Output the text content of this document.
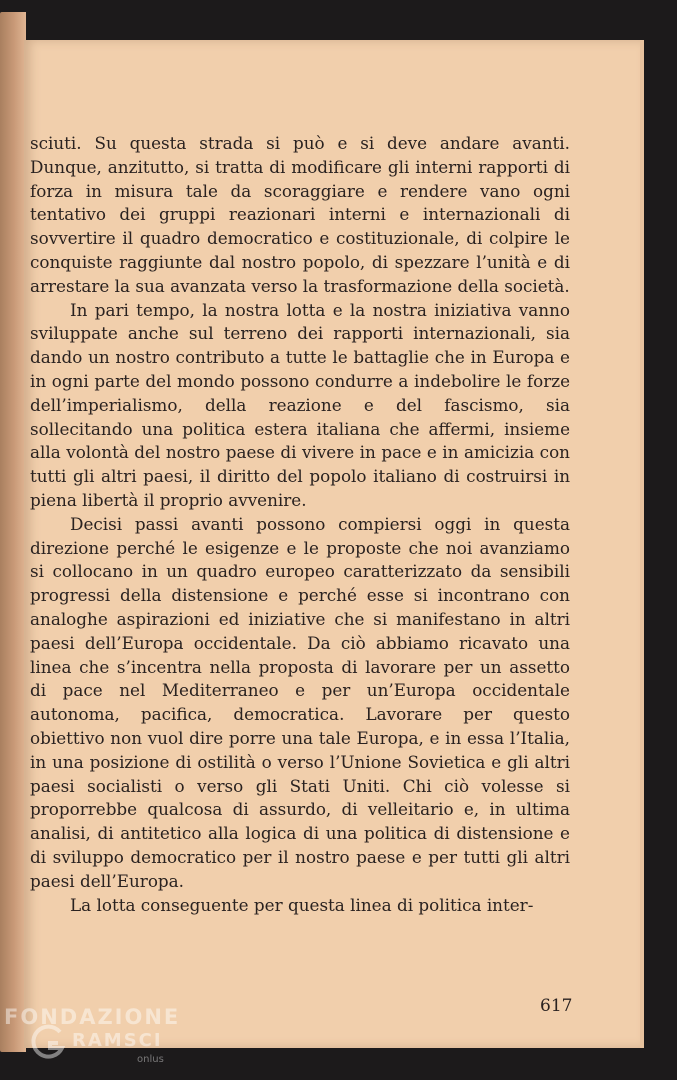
sciuti. Su questa strada si può e si deve andare avanti. Dunque, anzitutto, si tratta di modificare gli interni rapporti di forza in misura tale da scoraggiare e rendere vano ogni tentativo dei gruppi reazionari interni e internazionali di sovvertire il quadro democratico e costituzionale, di colpire le conquiste raggiunte dal nostro popolo, di spezzare l’unità e di arrestare la sua avanzata verso la trasformazione della società.

In pari tempo, la nostra lotta e la nostra iniziativa vanno sviluppate anche sul terreno dei rapporti internazionali, sia dando un nostro contributo a tutte le battaglie che in Europa e in ogni parte del mondo possono condurre a indebolire le forze dell’imperialismo, della reazione e del fascismo, sia sollecitando una politica estera italiana che affermi, insieme alla volontà del nostro paese di vivere in pace e in amicizia con tutti gli altri paesi, il diritto del popolo italiano di costruirsi in piena libertà il proprio avvenire.

Decisi passi avanti possono compiersi oggi in questa direzione perché le esigenze e le proposte che noi avanziamo si collocano in un quadro europeo caratterizzato da sensibili progressi della distensione e perché esse si incontrano con analoghe aspirazioni ed iniziative che si manifestano in altri paesi dell’Europa occidentale. Da ciò abbiamo ricavato una linea che s’incentra nella proposta di lavorare per un assetto di pace nel Mediterraneo e per un’Europa occidentale autonoma, pacifica, democratica. Lavorare per questo obiettivo non vuol dire porre una tale Europa, e in essa l’Italia, in una posizione di ostilità o verso l’Unione Sovietica e gli altri paesi socialisti o verso gli Stati Uniti. Chi ciò volesse si proporrebbe qualcosa di assurdo, di velleitario e, in ultima analisi, di antitetico alla logica di una politica di distensione e di sviluppo democratico per il nostro paese e per tutti gli altri paesi dell’Europa.

La lotta conseguente per questa linea di politica inter-

617
FONDAZIONE
RAMSCI
onlus
